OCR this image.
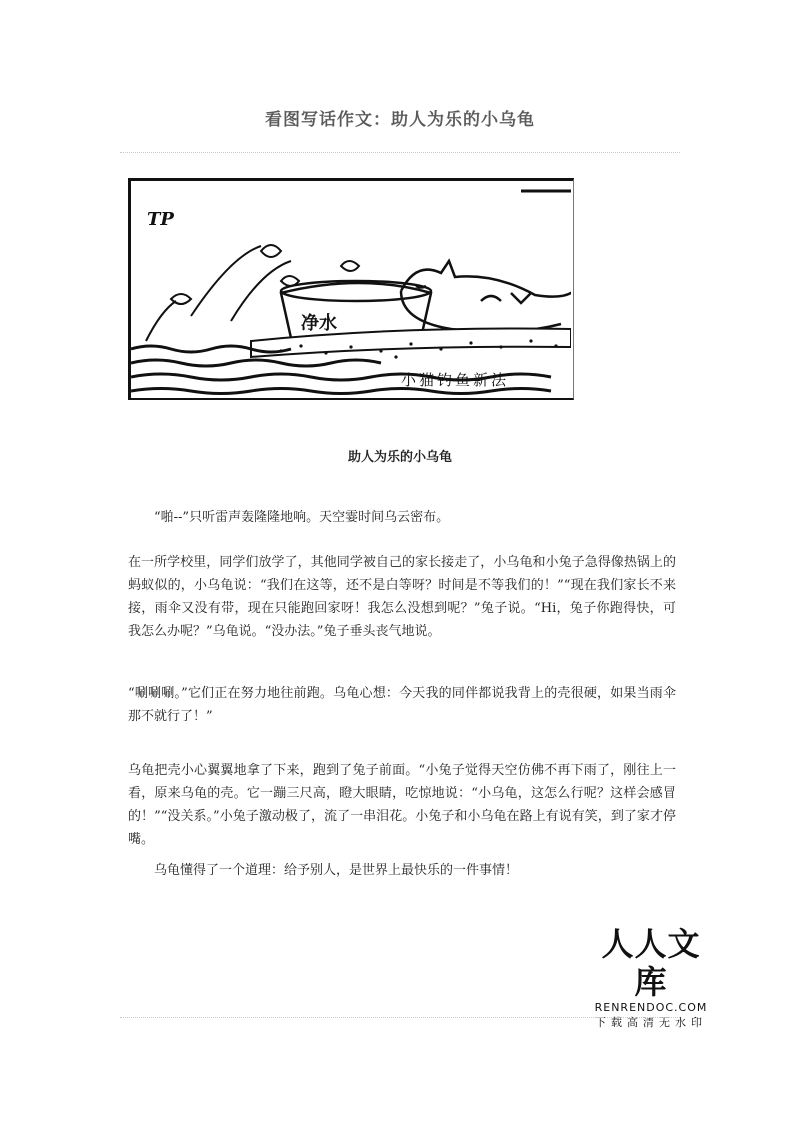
看图写话作文：助人为乐的小乌龟
TP
净水
小猫钓鱼新法
助人为乐的小乌龟

“啪--”只听雷声轰隆隆地响。天空霎时间乌云密布。

在一所学校里，同学们放学了，其他同学被自己的家长接走了，小乌龟和小兔子急得像热锅上的蚂蚁似的，小乌龟说：“我们在这等，还不是白等呀？时间是不等我们的！”“现在我们家长不来接，雨伞又没有带，现在只能跑回家呀！我怎么没想到呢？”兔子说。“Hi，兔子你跑得快，可我怎么办呢？”乌龟说。“没办法。”兔子垂头丧气地说。

“唰唰唰。”它们正在努力地往前跑。乌龟心想：今天我的同伴都说我背上的壳很硬，如果当雨伞那不就行了！”

乌龟把壳小心翼翼地拿了下来，跑到了兔子前面。“小兔子觉得天空仿佛不再下雨了，刚往上一看，原来乌龟的壳。它一蹦三尺高，瞪大眼睛，吃惊地说：“小乌龟，这怎么行呢？这样会感冒的！”“没关系。”小兔子激动极了，流了一串泪花。小兔子和小乌龟在路上有说有笑，到了家才停嘴。

乌龟懂得了一个道理：给予别人，是世界上最快乐的一件事情！

人人文库
RENRENDOC.COM
下载高清无水印
